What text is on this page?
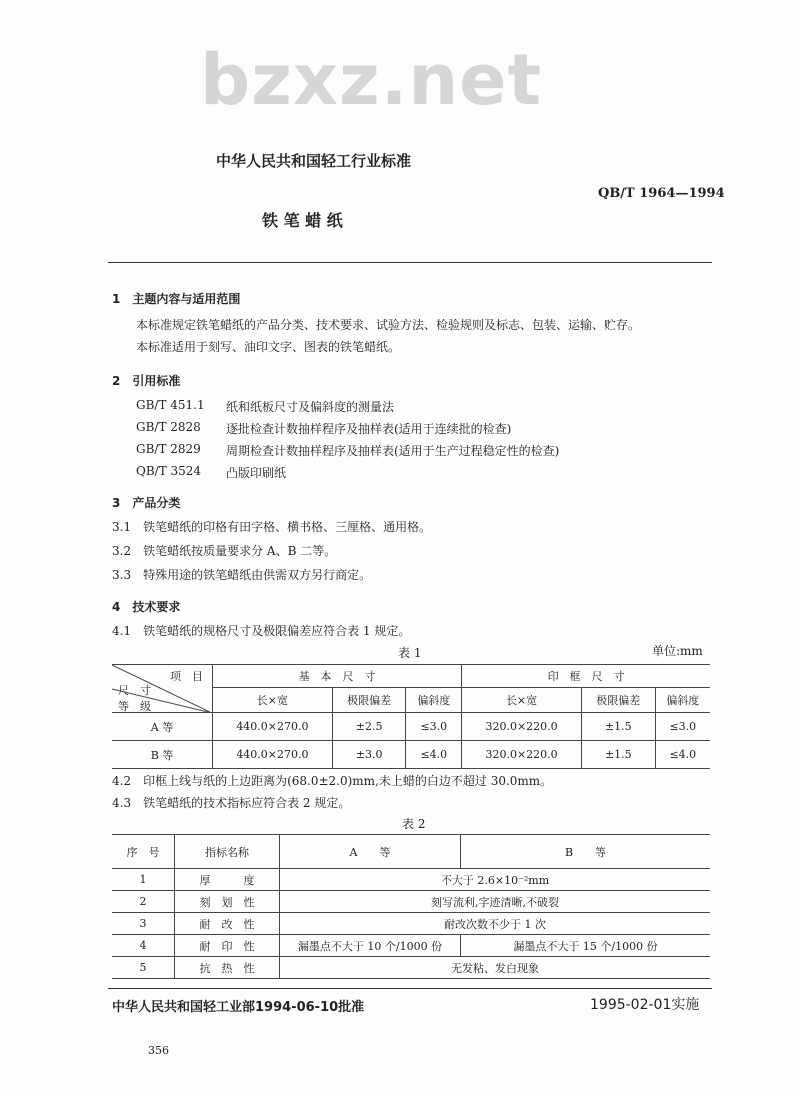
bzxz.net
中华人民共和国轻工行业标准
QB/T 1964—1994
铁 笔 蜡 纸
1　主题内容与适用范围
本标准规定铁笔蜡纸的产品分类、技术要求、试验方法、检验规则及标志、包装、运输、贮存。
本标准适用于刻写、油印文字、图表的铁笔蜡纸。
2　引用标准
GB/T 451.1 纸和纸板尺寸及偏斜度的测量法
GB/T 2828 逐批检查计数抽样程序及抽样表(适用于连续批的检查)
GB/T 2829 周期检查计数抽样程序及抽样表(适用于生产过程稳定性的检查)
QB/T 3524 凸版印刷纸
3　产品分类
3.1　铁笔蜡纸的印格有田字格、横书格、三厘格、通用格。
3.2　铁笔蜡纸按质量要求分 A、B 二等。
3.3　特殊用途的铁笔蜡纸由供需双方另行商定。
4　技术要求
4.1　铁笔蜡纸的规格尺寸及极限偏差应符合表 1 规定。
表 1	单位:mm
项　目
尺　寸
等　级	基　本　尺　寸			印　框　尺　寸		
	长×宽	极限偏差	偏斜度	长×宽	极限偏差	偏斜度
A 等	440.0×270.0	±2.5	≤3.0	320.0×220.0	±1.5	≤3.0
B 等	440.0×270.0	±3.0	≤4.0	320.0×220.0	±1.5	≤4.0
4.2　印框上线与纸的上边距离为(68.0±2.0)mm,未上蜡的白边不超过 30.0mm。
4.3　铁笔蜡纸的技术指标应符合表 2 规定。
表 2
序　号	指标名称	A　　等	B　　等
1	厚　　　度	不大于 2.6×10⁻²mm	
2	刻　划　性	刻写流利,字迹清晰,不破裂	
3	耐　改　性	耐改次数不少于 1 次	
4	耐　印　性	漏墨点不大于 10 个/1000 份	漏墨点不大于 15 个/1000 份
5	抗　热　性	无发粘、发白现象	
中华人民共和国轻工业部1994-06-10批准	1995-02-01实施
356
